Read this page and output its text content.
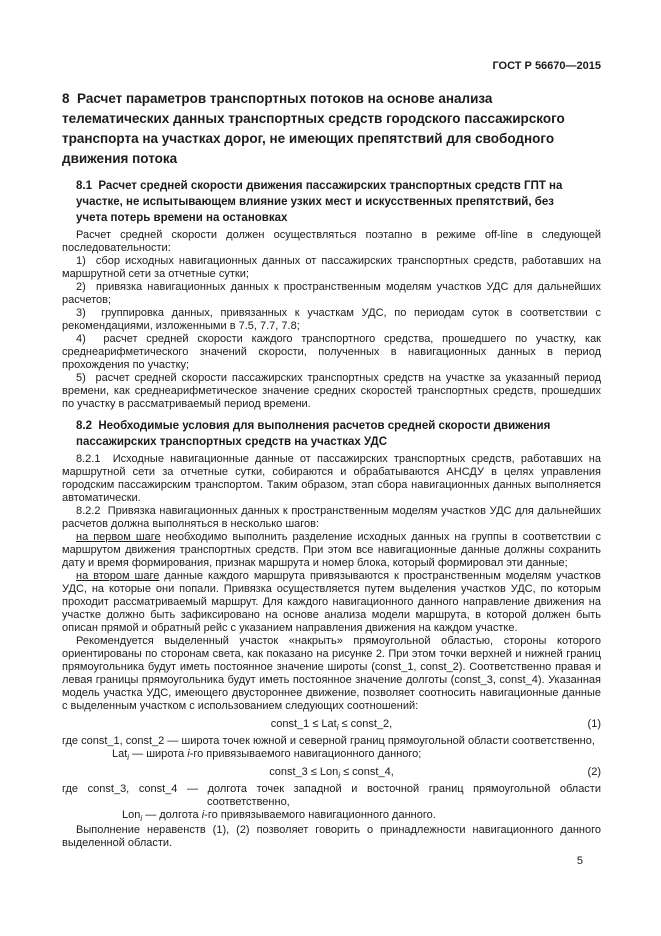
ГОСТ Р 56670—2015
8  Расчет параметров транспортных потоков на основе анализа телематических данных транспортных средств городского пассажирского транспорта на участках дорог, не имеющих препятствий для свободного движения потока
8.1  Расчет средней скорости движения пассажирских транспортных средств ГПТ на участке, не испытывающем влияние узких мест и искусственных препятствий, без учета потерь времени на остановках

Расчет средней скорости должен осуществляться поэтапно в режиме off-line в следующей последовательности:

1)  сбор исходных навигационных данных от пассажирских транспортных средств, работавших на маршрутной сети за отчетные сутки;

2)  привязка навигационных данных к пространственным моделям участков УДС для дальнейших расчетов;

3)  группировка данных, привязанных к участкам УДС, по периодам суток в соответствии с рекомендациями, изложенными в 7.5, 7.7, 7.8;

4)  расчет средней скорости каждого транспортного средства, прошедшего по участку, как среднеарифметического значений скорости, полученных в навигационных данных в период прохождения по участку;

5)  расчет средней скорости пассажирских транспортных средств на участке за указанный период времени, как среднеарифметическое значение средних скоростей транспортных средств, прошедших по участку в рассматриваемый период времени.

8.2  Необходимые условия для выполнения расчетов средней скорости движения пассажирских транспортных средств на участках УДС

8.2.1  Исходные навигационные данные от пассажирских транспортных средств, работавших на маршрутной сети за отчетные сутки, собираются и обрабатываются АНСДУ в целях управления городским пассажирским транспортом. Таким образом, этап сбора навигационных данных выполняется автоматически.

8.2.2  Привязка навигационных данных к пространственным моделям участков УДС для дальнейших расчетов должна выполняться в несколько шагов:

на первом шаге необходимо выполнить разделение исходных данных на группы в соответствии с маршрутом движения транспортных средств. При этом все навигационные данные должны сохранить дату и время формирования, признак маршрута и номер блока, который формировал эти данные;

на втором шаге данные каждого маршрута привязываются к пространственным моделям участков УДС, на которые они попали. Привязка осуществляется путем выделения участков УДС, по которым проходит рассматриваемый маршрут. Для каждого навигационного данного направление движения на участке должно быть зафиксировано на основе анализа модели маршрута, в которой должен быть описан прямой и обратный рейс с указанием направления движения на каждом участке.

Рекомендуется выделенный участок «накрыть» прямоугольной областью, стороны которого ориентированы по сторонам света, как показано на рисунке 2. При этом точки верхней и нижней границ прямоугольника будут иметь постоянное значение широты (const_1, const_2). Соответственно правая и левая границы прямоугольника будут иметь постоянное значение долготы (const_3, const_4). Указанная модель участка УДС, имеющего двустороннее движение, позволяет соотносить навигационные данные с выделенным участком с использованием следующих соотношений:

const_1 ≤ Lat$_i$ ≤ const_2,	(1)

где const_1, const_2 — широта точек южной и северной границ прямоугольной области соответственно,

Lat$_i$ — широта i-го привязываемого навигационного данного;

const_3 ≤ Lon$_i$ ≤ const_4,	(2)

где const_3, const_4 — долгота точек западной и восточной границ прямоугольной области соответственно,

Lon$_i$ — долгота i-го привязываемого навигационного данного.

Выполнение неравенств (1), (2) позволяет говорить о принадлежности навигационного данного выделенной области.

5
